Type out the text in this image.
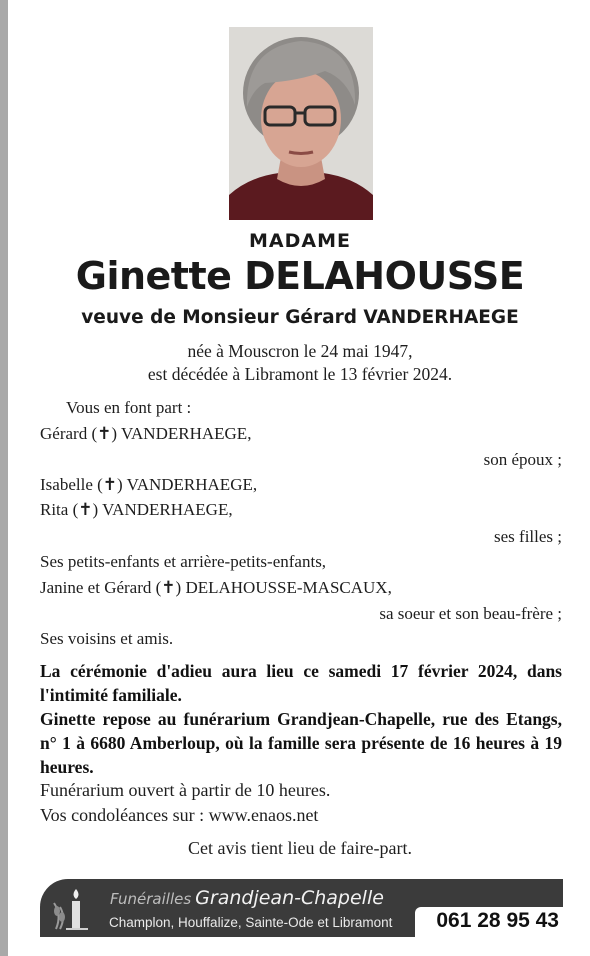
MADAME
Ginette DELAHOUSSE
veuve de Monsieur Gérard VANDERHAEGE
née à Mouscron le 24 mai 1947,
est décédée à Libramont le 13 février 2024.
Vous en font part :
Gérard (✝) VANDERHAEGE,
son époux ;
Isabelle (✝) VANDERHAEGE,
Rita (✝) VANDERHAEGE,
ses filles ;
Ses petits-enfants et arrière-petits-enfants,
Janine et Gérard (✝) DELAHOUSSE-MASCAUX,
sa soeur et son beau-frère ;
Ses voisins et amis.
La cérémonie d'adieu aura lieu ce samedi 17 février 2024, dans l'intimité familiale.
Ginette repose au funérarium Grandjean-Chapelle, rue des Etangs, n° 1 à 6680 Amberloup, où la famille sera présente de 16 heures à 19 heures.
Funérarium ouvert à partir de 10 heures.
Vos condoléances sur : www.enaos.net
Cet avis tient lieu de faire-part.
Funérailles Grandjean-Chapelle
Champlon, Houffalize, Sainte-Ode et Libramont 061 28 95 43
